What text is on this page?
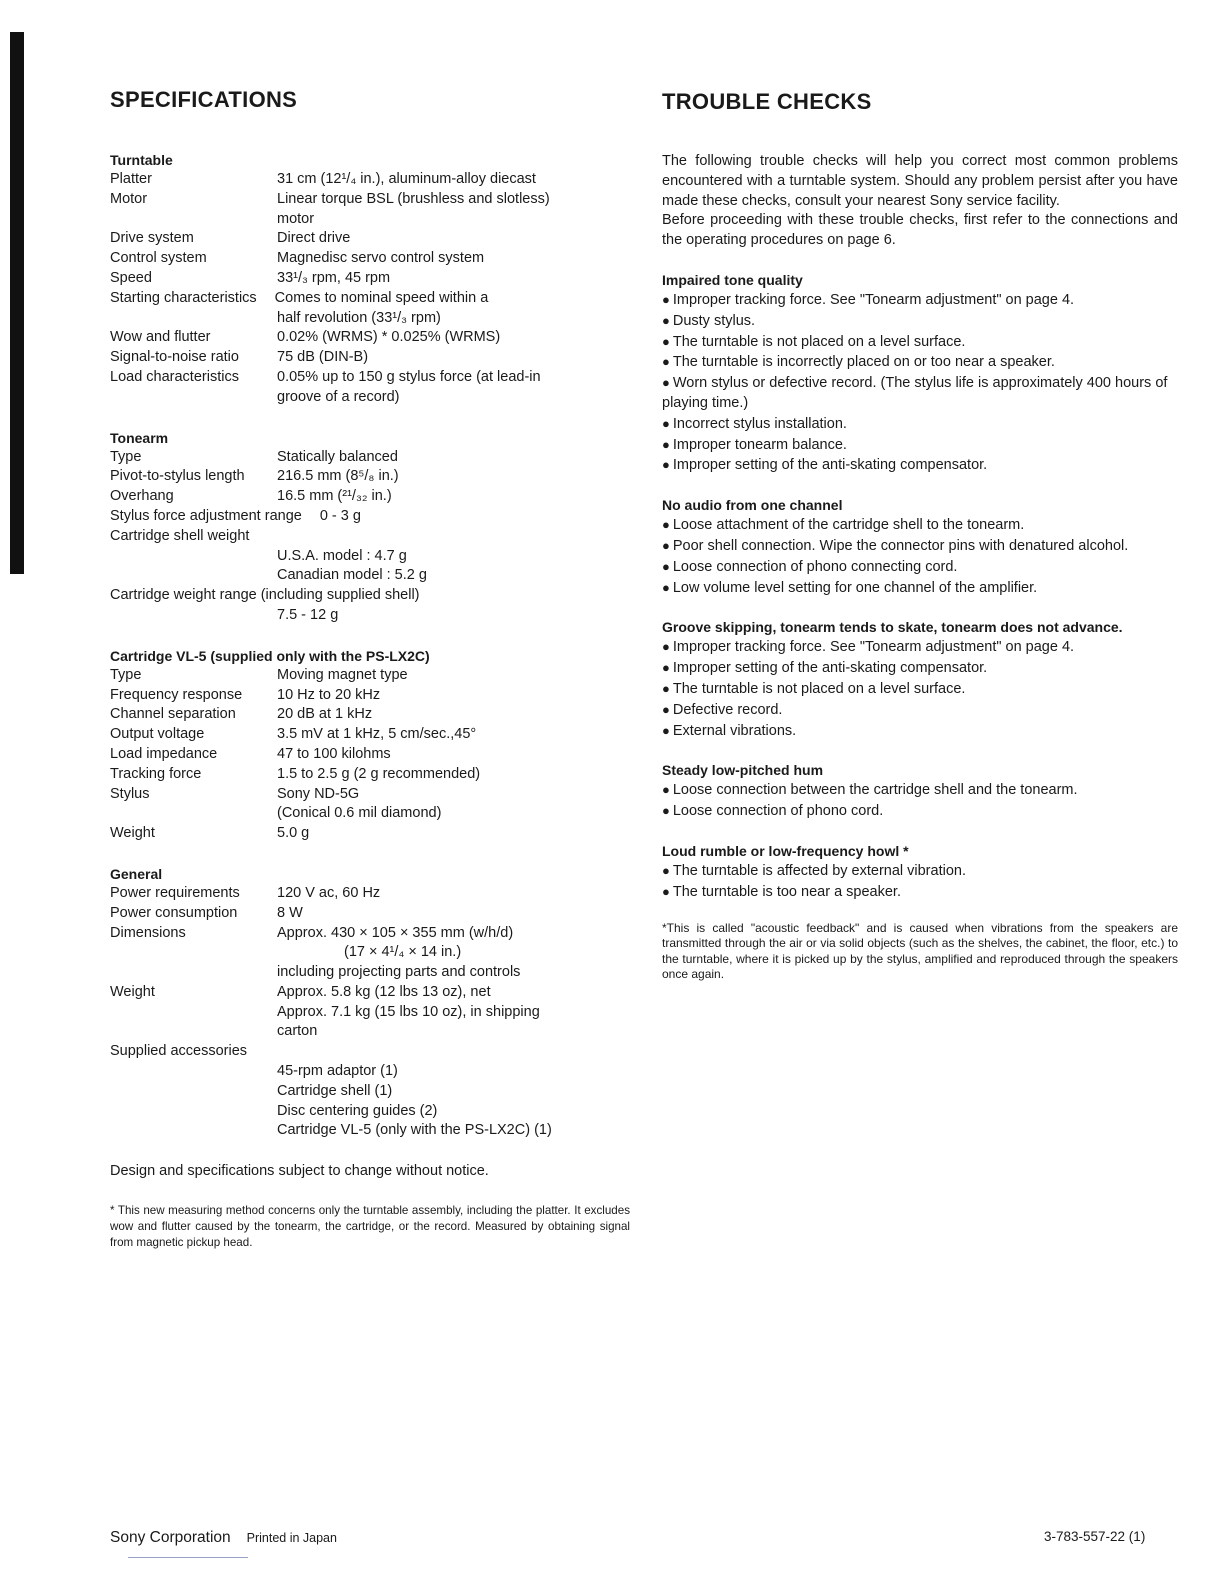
SPECIFICATIONS
Turntable
Platter	31 cm (12¹/₄ in.), aluminum-alloy diecast
Motor	Linear torque BSL (brushless and slotless)
motor
Drive system	Direct drive
Control system	Magnedisc servo control system
Speed	33¹/₃ rpm, 45 rpm
Starting characteristics	Comes to nominal speed within a
half revolution (33¹/₃ rpm)
Wow and flutter	0.02% (WRMS) * 0.025% (WRMS)
Signal-to-noise ratio	75 dB (DIN-B)
Load characteristics	0.05% up to 150 g stylus force (at lead-in
groove of a record)
Tonearm
Type	Statically balanced
Pivot-to-stylus length	216.5 mm (8⁵/₈ in.)
Overhang	16.5 mm (²¹/₃₂ in.)
Stylus force adjustment range	0 - 3 g
Cartridge shell weight
U.S.A. model : 4.7 g
Canadian model : 5.2 g
Cartridge weight range (including supplied shell)
7.5 - 12 g
Cartridge VL-5 (supplied only with the PS-LX2C)
Type	Moving magnet type
Frequency response	10 Hz to 20 kHz
Channel separation	20 dB at 1 kHz
Output voltage	3.5 mV at 1 kHz, 5 cm/sec.,45°
Load impedance	47 to 100 kilohms
Tracking force	1.5 to 2.5 g (2 g recommended)
Stylus	Sony ND-5G
(Conical 0.6 mil diamond)
Weight	5.0 g
General
Power requirements	120 V ac, 60 Hz
Power consumption	8 W
Dimensions	Approx. 430 × 105 × 355 mm (w/h/d)
(17 × 4¹/₄ × 14 in.)
including projecting parts and controls
Weight	Approx. 5.8 kg (12 lbs 13 oz), net
Approx. 7.1 kg (15 lbs 10 oz), in shipping
carton
Supplied accessories
45-rpm adaptor (1)
Cartridge shell (1)
Disc centering guides (2)
Cartridge VL-5 (only with the PS-LX2C) (1)
Design and specifications subject to change without notice.
* This new measuring method concerns only the turntable assembly, including the platter. It excludes wow and flutter caused by the tonearm, the cartridge, or the record. Measured by obtaining signal from magnetic pickup head.
TROUBLE CHECKS

The following trouble checks will help you correct most common problems encountered with a turntable system. Should any problem persist after you have made these checks, consult your nearest Sony service facility.

Before proceeding with these trouble checks, first refer to the connections and the operating procedures on page 6.

Impaired tone quality
● Improper tracking force. See "Tonearm adjustment" on page 4.
● Dusty stylus.
● The turntable is not placed on a level surface.
● The turntable is incorrectly placed on or too near a speaker.
● Worn stylus or defective record. (The stylus life is approximately 400 hours of playing time.)
● Incorrect stylus installation.
● Improper tonearm balance.
● Improper setting of the anti-skating compensator.
No audio from one channel
● Loose attachment of the cartridge shell to the tonearm.
● Poor shell connection. Wipe the connector pins with denatured alcohol.
● Loose connection of phono connecting cord.
● Low volume level setting for one channel of the amplifier.
Groove skipping, tonearm tends to skate, tonearm does not advance.
● Improper tracking force. See "Tonearm adjustment" on page 4.
● Improper setting of the anti-skating compensator.
● The turntable is not placed on a level surface.
● Defective record.
● External vibrations.
Steady low-pitched hum
● Loose connection between the cartridge shell and the tonearm.
● Loose connection of phono cord.
Loud rumble or low-frequency howl *
● The turntable is affected by external vibration.
● The turntable is too near a speaker.
*This is called "acoustic feedback" and is caused when vibrations from the speakers are transmitted through the air or via solid objects (such as the shelves, the cabinet, the floor, etc.) to the turntable, where it is picked up by the stylus, amplified and reproduced through the speakers once again.
Sony Corporation Printed in Japan	3-783-557-22 (1)
